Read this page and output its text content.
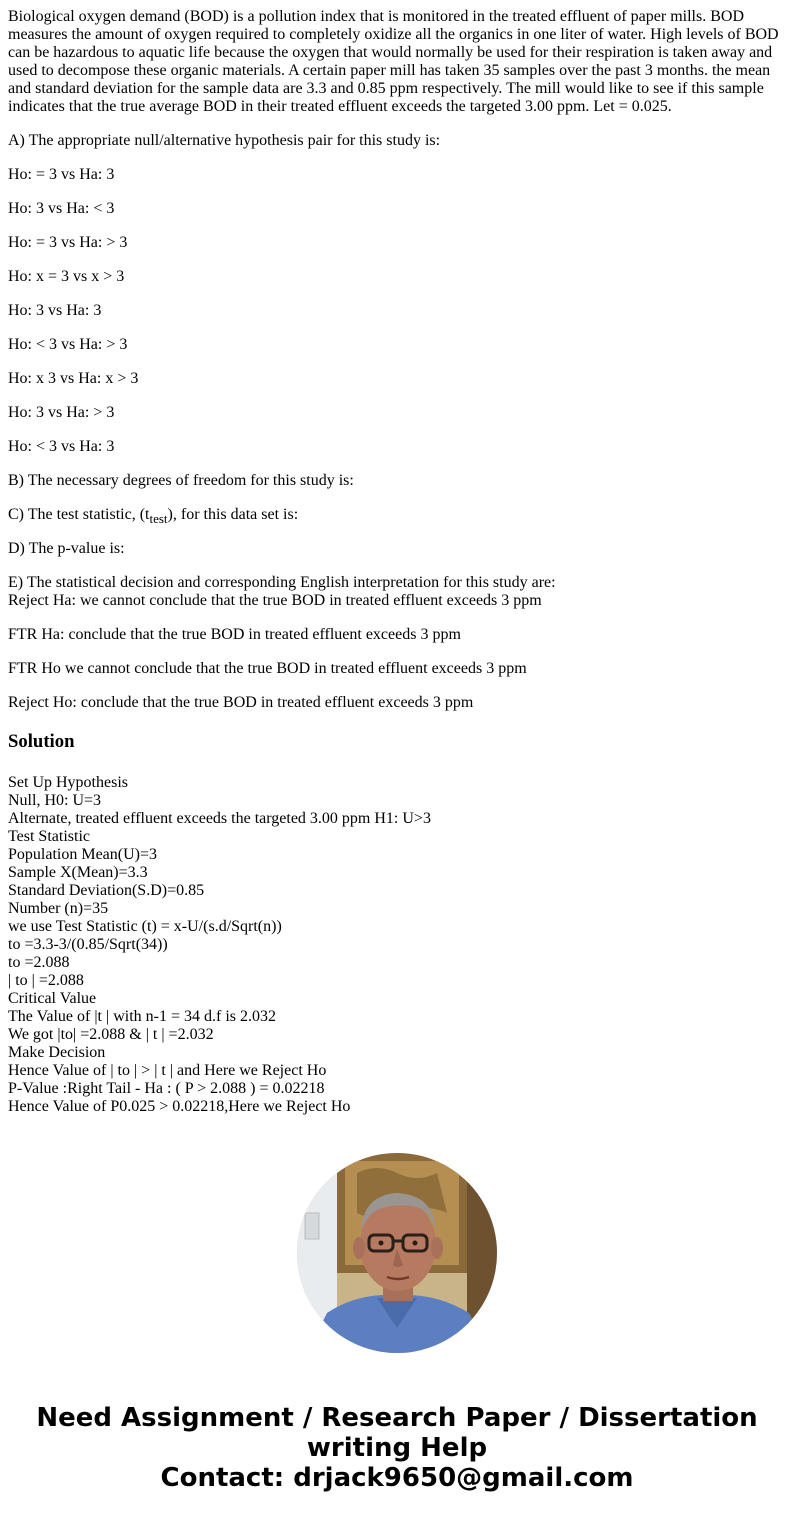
Biological oxygen demand (BOD) is a pollution index that is monitored in the treated effluent of paper mills. BOD measures the amount of oxygen required to completely oxidize all the organics in one liter of water. High levels of BOD can be hazardous to aquatic life because the oxygen that would normally be used for their respiration is taken away and used to decompose these organic materials. A certain paper mill has taken 35 samples over the past 3 months. the mean and standard deviation for the sample data are 3.3 and 0.85 ppm respectively. The mill would like to see if this sample indicates that the true average BOD in their treated effluent exceeds the targeted 3.00 ppm. Let = 0.025.

A) The appropriate null/alternative hypothesis pair for this study is:

Ho: = 3 vs Ha: 3

Ho: 3 vs Ha: < 3

Ho: = 3 vs Ha: > 3

Ho: x = 3 vs x > 3

Ho: 3 vs Ha: 3

Ho: < 3 vs Ha: > 3

Ho: x 3 vs Ha: x > 3

Ho: 3 vs Ha: > 3

Ho: < 3 vs Ha: 3

B) The necessary degrees of freedom for this study is:

C) The test statistic, $(t_{test})$, for this data set is:

D) The p-value is:

E) The statistical decision and corresponding English interpretation for this study are:

Reject Ha: we cannot conclude that the true BOD in treated effluent exceeds 3 ppm

FTR Ha: conclude that the true BOD in treated effluent exceeds 3 ppm

FTR Ho we cannot conclude that the true BOD in treated effluent exceeds 3 ppm

Reject Ho: conclude that the true BOD in treated effluent exceeds 3 ppm

Solution
Set Up Hypothesis
Null, H0: U=3
Alternate, treated effluent exceeds the targeted 3.00 ppm H1: U>3
Test Statistic
Population Mean(U)=3
Sample X(Mean)=3.3
Standard Deviation(S.D)=0.85
Number (n)=35
we use Test Statistic (t) = x-U/(s.d/Sqrt(n))
to =3.3-3/(0.85/Sqrt(34))
to =2.088
| to | =2.088
Critical Value
The Value of |t | with n-1 = 34 d.f is 2.032
We got |to| =2.088 & | t | =2.032
Make Decision
Hence Value of | to | > | t | and Here we Reject Ho
P-Value :Right Tail - Ha : ( P > 2.088 ) = 0.02218
Hence Value of P0.025 > 0.02218,Here we Reject Ho
Need Assignment / Research Paper / Dissertation
writing Help
Contact: drjack9650@gmail.com
